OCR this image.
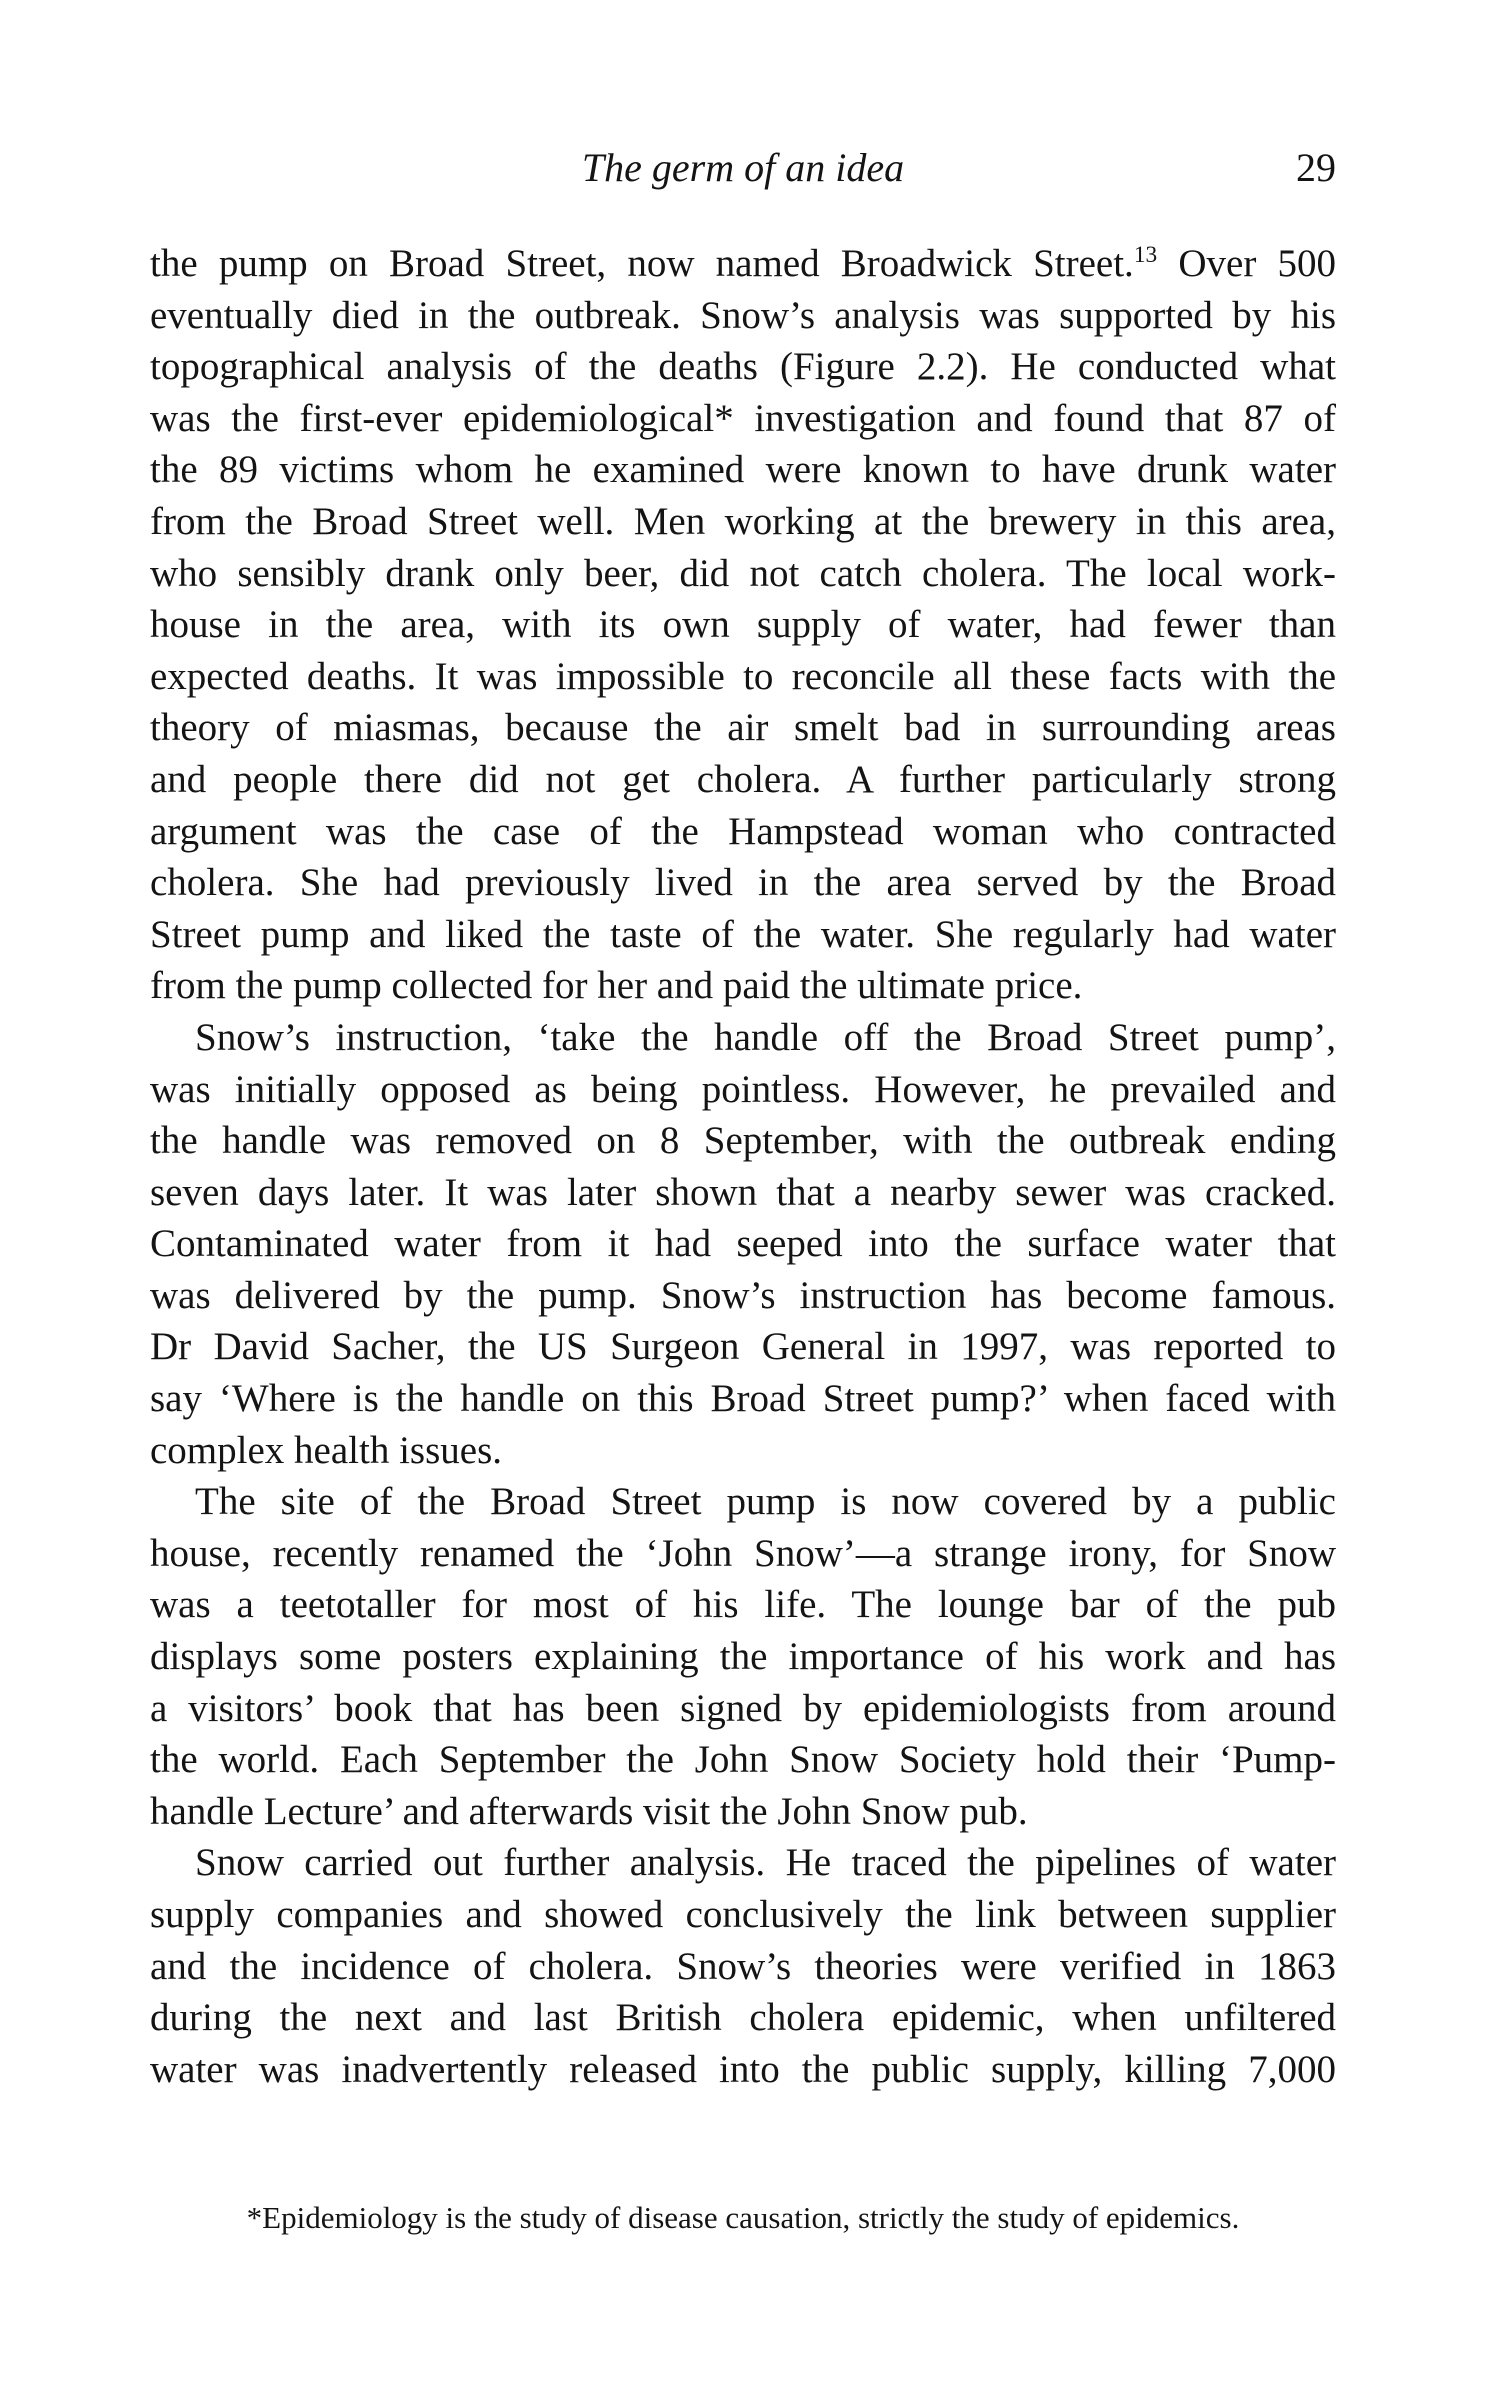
The germ of an idea	29
the pump on Broad Street, now named Broadwick Street.$^{13}$ Over 500
eventually died in the outbreak. Snow’s analysis was supported by his
topographical analysis of the deaths (Figure 2.2). He conducted what
was the first-ever epidemiological* investigation and found that 87 of
the 89 victims whom he examined were known to have drunk water
from the Broad Street well. Men working at the brewery in this area,
who sensibly drank only beer, did not catch cholera. The local work-
house in the area, with its own supply of water, had fewer than
expected deaths. It was impossible to reconcile all these facts with the
theory of miasmas, because the air smelt bad in surrounding areas
and people there did not get cholera. A further particularly strong
argument was the case of the Hampstead woman who contracted
cholera. She had previously lived in the area served by the Broad
Street pump and liked the taste of the water. She regularly had water
from the pump collected for her and paid the ultimate price.
Snow’s instruction, ‘take the handle off the Broad Street pump’,
was initially opposed as being pointless. However, he prevailed and
the handle was removed on 8 September, with the outbreak ending
seven days later. It was later shown that a nearby sewer was cracked.
Contaminated water from it had seeped into the surface water that
was delivered by the pump. Snow’s instruction has become famous.
Dr David Sacher, the US Surgeon General in 1997, was reported to
say ‘Where is the handle on this Broad Street pump?’ when faced with
complex health issues.
The site of the Broad Street pump is now covered by a public
house, recently renamed the ‘John Snow’—a strange irony, for Snow
was a teetotaller for most of his life. The lounge bar of the pub
displays some posters explaining the importance of his work and has
a visitors’ book that has been signed by epidemiologists from around
the world. Each September the John Snow Society hold their ‘Pump-
handle Lecture’ and afterwards visit the John Snow pub.
Snow carried out further analysis. He traced the pipelines of water
supply companies and showed conclusively the link between supplier
and the incidence of cholera. Snow’s theories were verified in 1863
during the next and last British cholera epidemic, when unfiltered
water was inadvertently released into the public supply, killing 7,000
*Epidemiology is the study of disease causation, strictly the study of epidemics.
